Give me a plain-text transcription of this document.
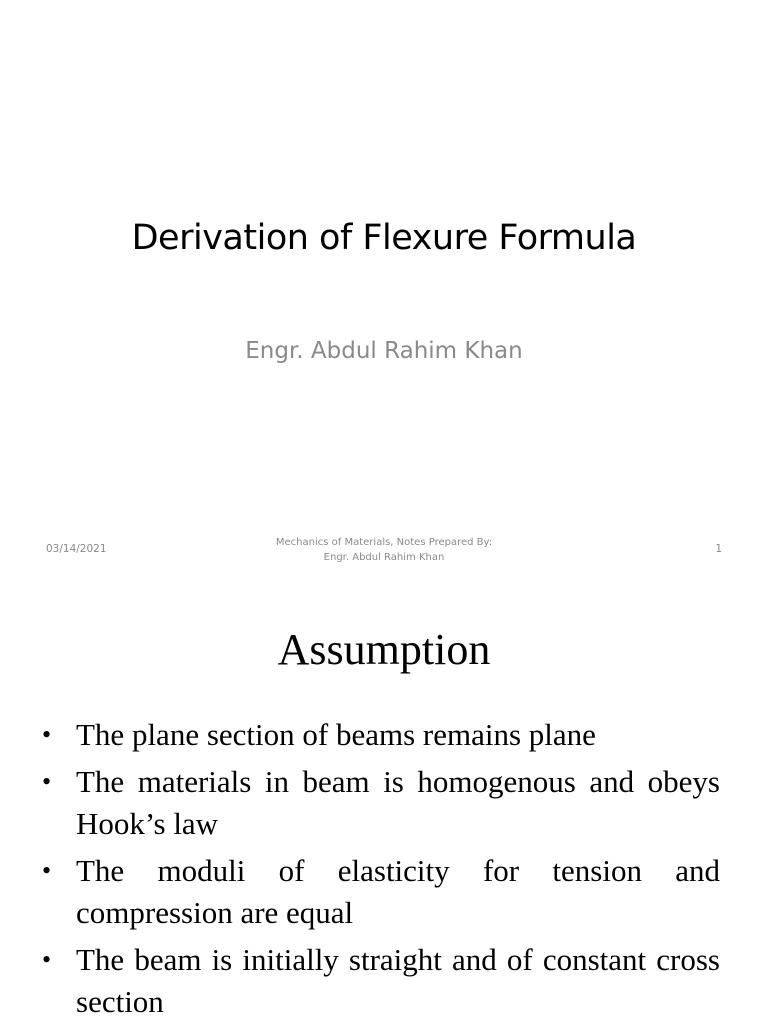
Derivation of Flexure Formula
Engr. Abdul Rahim Khan
03/14/2021
Mechanics of Materials, Notes Prepared By:
Engr. Abdul Rahim Khan
1
Assumption
• The plane section of beams remains plane
• The materials in beam is homogenous and obeys Hook’s law
• The moduli of elasticity for tension and compression are equal
• The beam is initially straight and of constant cross section
